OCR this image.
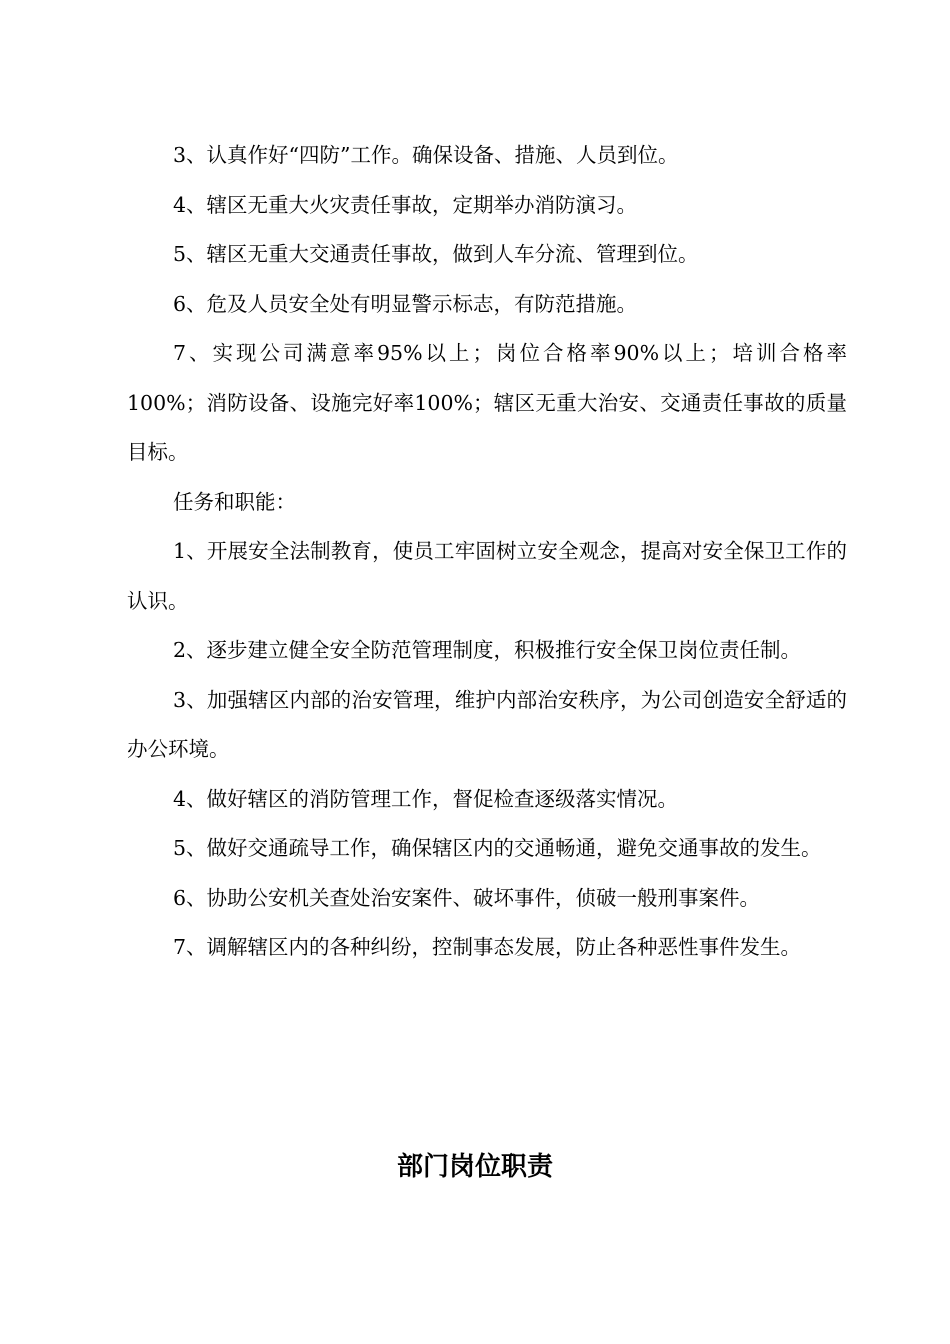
3、认真作好“四防”工作。确保设备、措施、人员到位。

4、辖区无重大火灾责任事故，定期举办消防演习。

5、辖区无重大交通责任事故，做到人车分流、管理到位。

6、危及人员安全处有明显警示标志，有防范措施。

7、实现公司满意率95%以上；岗位合格率90%以上；培训合格率100%；消防设备、设施完好率100%；辖区无重大治安、交通责任事故的质量目标。

任务和职能：

1、开展安全法制教育，使员工牢固树立安全观念，提高对安全保卫工作的认识。

2、逐步建立健全安全防范管理制度，积极推行安全保卫岗位责任制。

3、加强辖区内部的治安管理，维护内部治安秩序，为公司创造安全舒适的办公环境。

4、做好辖区的消防管理工作，督促检查逐级落实情况。

5、做好交通疏导工作，确保辖区内的交通畅通，避免交通事故的发生。

6、协助公安机关查处治安案件、破坏事件，侦破一般刑事案件。

7、调解辖区内的各种纠纷，控制事态发展，防止各种恶性事件发生。

部门岗位职责
